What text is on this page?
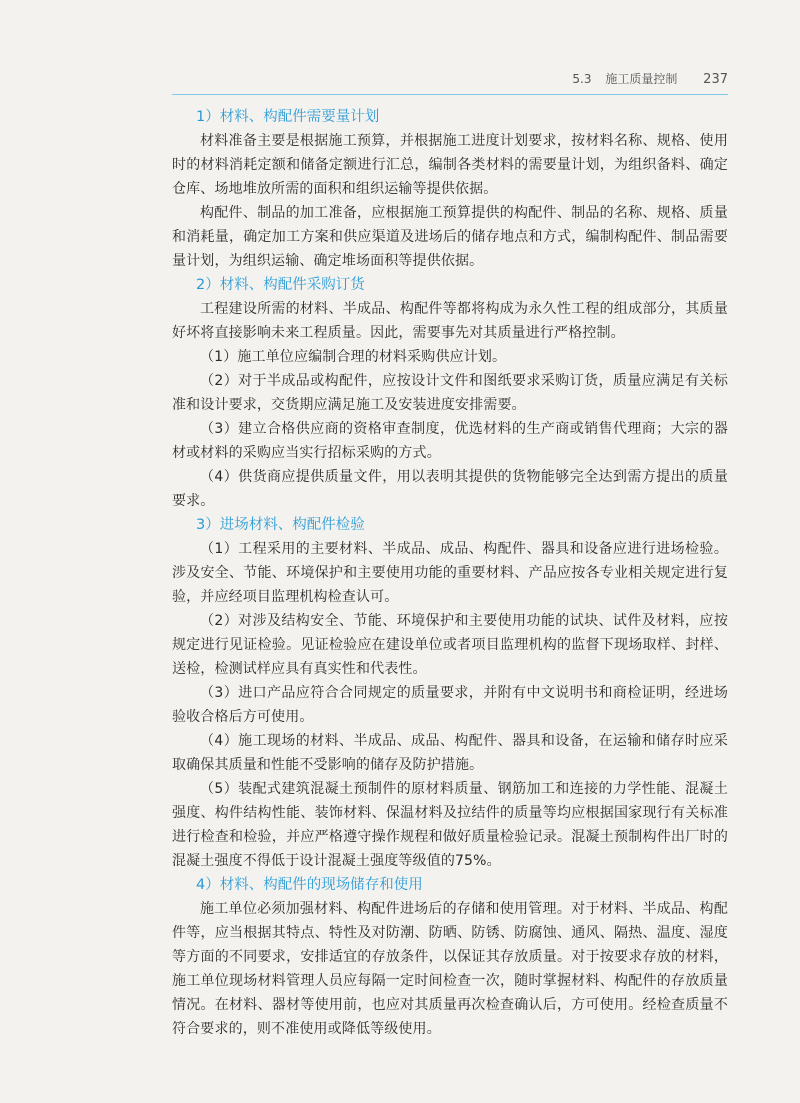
5.3 施工质量控制 237
1）材料、构配件需要量计划

材料准备主要是根据施工预算，并根据施工进度计划要求，按材料名称、规格、使用时的材料消耗定额和储备定额进行汇总，编制各类材料的需要量计划，为组织备料、确定仓库、场地堆放所需的面积和组织运输等提供依据。

构配件、制品的加工准备，应根据施工预算提供的构配件、制品的名称、规格、质量和消耗量，确定加工方案和供应渠道及进场后的储存地点和方式，编制构配件、制品需要量计划，为组织运输、确定堆场面积等提供依据。

2）材料、构配件采购订货

工程建设所需的材料、半成品、构配件等都将构成为永久性工程的组成部分，其质量好坏将直接影响未来工程质量。因此，需要事先对其质量进行严格控制。

（1）施工单位应编制合理的材料采购供应计划。

（2）对于半成品或构配件，应按设计文件和图纸要求采购订货，质量应满足有关标准和设计要求，交货期应满足施工及安装进度安排需要。

（3）建立合格供应商的资格审查制度，优选材料的生产商或销售代理商；大宗的器材或材料的采购应当实行招标采购的方式。

（4）供货商应提供质量文件，用以表明其提供的货物能够完全达到需方提出的质量要求。

3）进场材料、构配件检验

（1）工程采用的主要材料、半成品、成品、构配件、器具和设备应进行进场检验。涉及安全、节能、环境保护和主要使用功能的重要材料、产品应按各专业相关规定进行复验，并应经项目监理机构检查认可。

（2）对涉及结构安全、节能、环境保护和主要使用功能的试块、试件及材料，应按规定进行见证检验。见证检验应在建设单位或者项目监理机构的监督下现场取样、封样、送检，检测试样应具有真实性和代表性。

（3）进口产品应符合合同规定的质量要求，并附有中文说明书和商检证明，经进场验收合格后方可使用。

（4）施工现场的材料、半成品、成品、构配件、器具和设备，在运输和储存时应采取确保其质量和性能不受影响的储存及防护措施。

（5）装配式建筑混凝土预制件的原材料质量、钢筋加工和连接的力学性能、混凝土强度、构件结构性能、装饰材料、保温材料及拉结件的质量等均应根据国家现行有关标准进行检查和检验，并应严格遵守操作规程和做好质量检验记录。混凝土预制构件出厂时的混凝土强度不得低于设计混凝土强度等级值的75%。

4）材料、构配件的现场储存和使用

施工单位必须加强材料、构配件进场后的存储和使用管理。对于材料、半成品、构配件等，应当根据其特点、特性及对防潮、防晒、防锈、防腐蚀、通风、隔热、温度、湿度等方面的不同要求，安排适宜的存放条件，以保证其存放质量。对于按要求存放的材料，施工单位现场材料管理人员应每隔一定时间检查一次，随时掌握材料、构配件的存放质量情况。在材料、器材等使用前，也应对其质量再次检查确认后，方可使用。经检查质量不符合要求的，则不准使用或降低等级使用。
